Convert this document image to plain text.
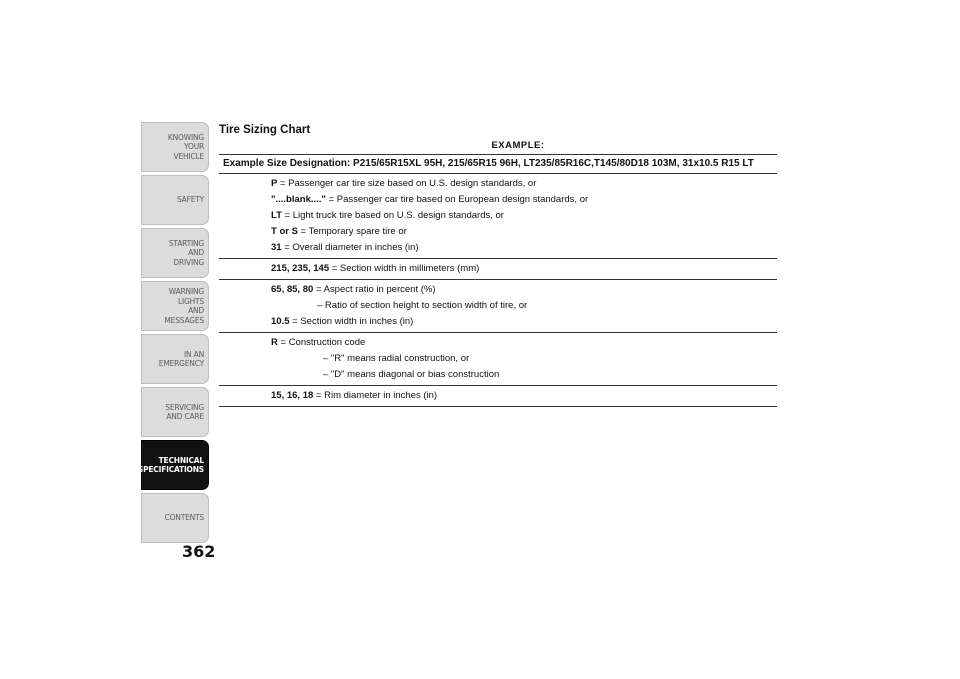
KNOWING
YOUR
VEHICLE
SAFETY
STARTING
AND
DRIVING
WARNING
LIGHTS
AND
MESSAGES
IN AN
EMERGENCY
SERVICING
AND CARE
TECHNICAL
SPECIFICATIONS
CONTENTS
362
Tire Sizing Chart
EXAMPLE:
Example Size Designation: P215/65R15XL 95H, 215/65R15 96H, LT235/85R16C,T145/80D18 103M, 31x10.5 R15 LT
P = Passenger car tire size based on U.S. design standards, or
"....blank...." = Passenger car tire based on European design standards, or
LT = Light truck tire based on U.S. design standards, or
T or S = Temporary spare tire or
31 = Overall diameter in inches (in)
215, 235, 145 = Section width in millimeters (mm)
65, 85, 80 = Aspect ratio in percent (%)
– Ratio of section height to section width of tire, or
10.5 = Section width in inches (in)
R = Construction code
– "R" means radial construction, or
– "D" means diagonal or bias construction
15, 16, 18 = Rim diameter in inches (in)
